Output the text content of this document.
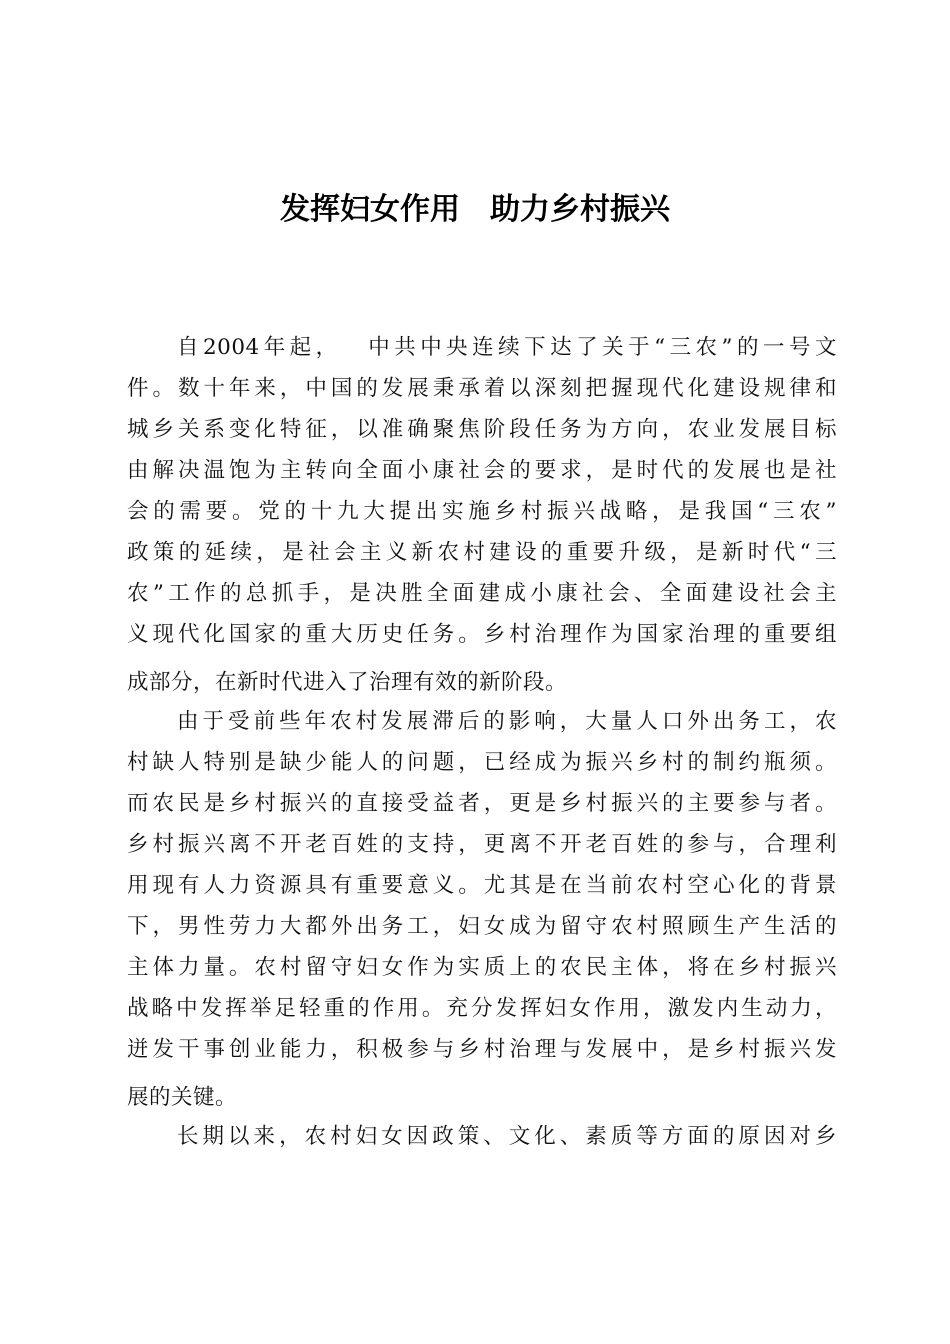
发挥妇女作用　助力乡村振兴
自2004年起，　 中共中央连续下达了关于“三农”的一号文
件。数十年来，中国的发展秉承着以深刻把握现代化建设规律和
城乡关系变化特征，以准确聚焦阶段任务为方向，农业发展目标
由解决温饱为主转向全面小康社会的要求，是时代的发展也是社
会的需要。党的十九大提出实施乡村振兴战略，是我国“三农”
政策的延续，是社会主义新农村建设的重要升级，是新时代“三
农”工作的总抓手，是决胜全面建成小康社会、全面建设社会主
义现代化国家的重大历史任务。乡村治理作为国家治理的重要组
成部分，在新时代进入了治理有效的新阶段。
由于受前些年农村发展滞后的影响，大量人口外出务工，农
村缺人特别是缺少能人的问题，已经成为振兴乡村的制约瓶须。
而农民是乡村振兴的直接受益者，更是乡村振兴的主要参与者。
乡村振兴离不开老百姓的支持，更离不开老百姓的参与，合理利
用现有人力资源具有重要意义。尤其是在当前农村空心化的背景
下，男性劳力大都外出务工，妇女成为留守农村照顾生产生活的
主体力量。农村留守妇女作为实质上的农民主体，将在乡村振兴
战略中发挥举足轻重的作用。充分发挥妇女作用，激发内生动力，
迸发干事创业能力，积极参与乡村治理与发展中，是乡村振兴发
展的关键。
长期以来，农村妇女因政策、文化、素质等方面的原因对乡
